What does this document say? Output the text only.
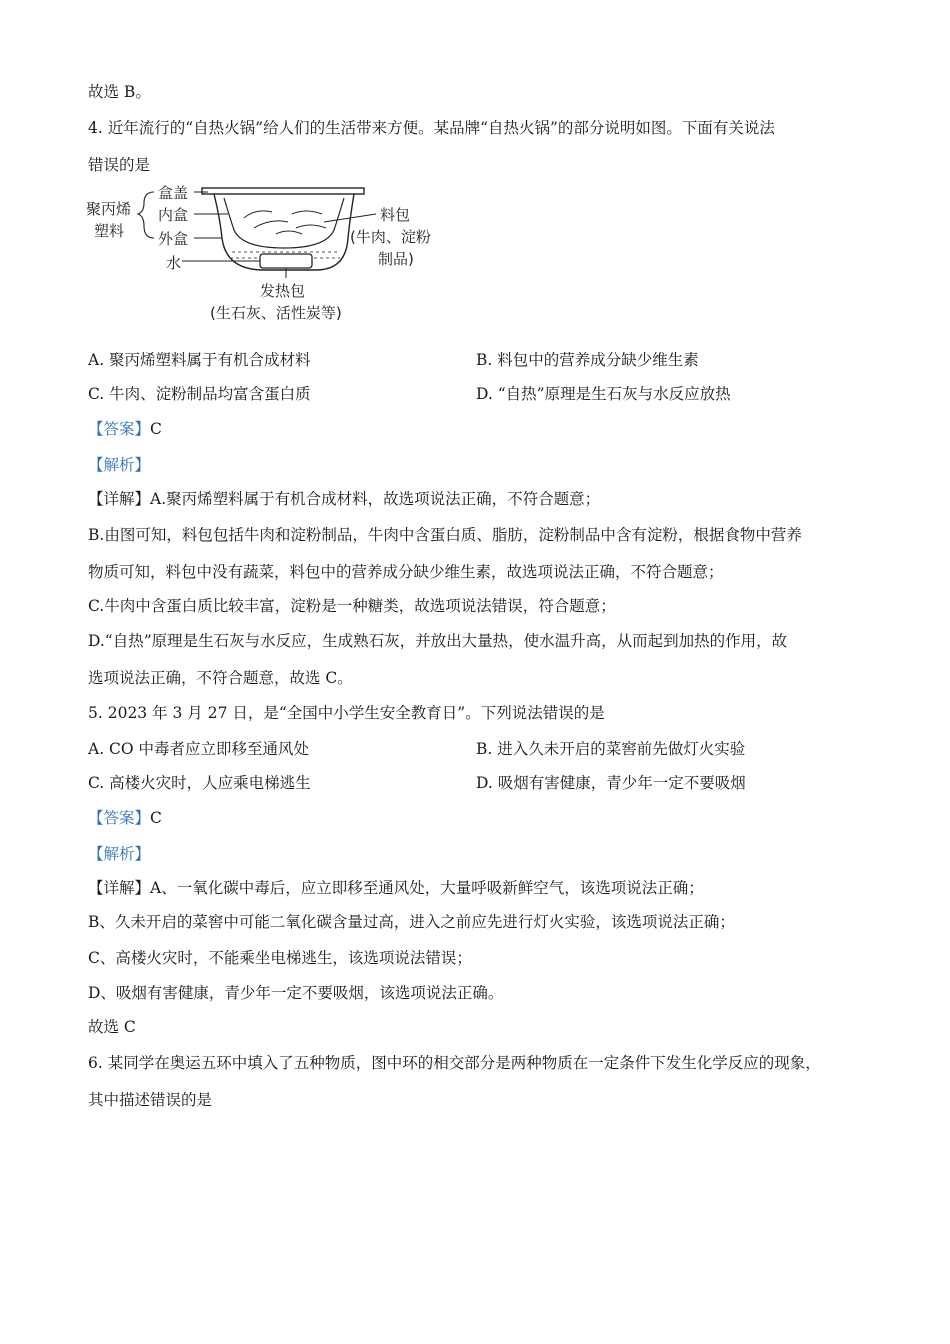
故选 B。
4. 近年流行的“自热火锅”给人们的生活带来方便。某品牌“自热火锅”的部分说明如图。下面有关说法
错误的是
盒盖
内盒
外盒
水
聚丙烯
塑料
料包
(牛肉、淀粉
制品)
发热包
(生石灰、活性炭等)
A. 聚丙烯塑料属于有机合成材料	B. 料包中的营养成分缺少维生素
C. 牛肉、淀粉制品均富含蛋白质	D. “自热”原理是生石灰与水反应放热
【答案】C
【解析】
【详解】A.聚丙烯塑料属于有机合成材料，故选项说法正确，不符合题意；
B.由图可知，料包包括牛肉和淀粉制品，牛肉中含蛋白质、脂肪，淀粉制品中含有淀粉，根据食物中营养
物质可知，料包中没有蔬菜，料包中的营养成分缺少维生素，故选项说法正确，不符合题意；
C.牛肉中含蛋白质比较丰富，淀粉是一种糖类，故选项说法错误，符合题意；
D.“自热”原理是生石灰与水反应，生成熟石灰，并放出大量热，使水温升高，从而起到加热的作用，故
选项说法正确，不符合题意，故选 C。
5. 2023 年 3 月 27 日，是“全国中小学生安全教育日”。下列说法错误的是
A. CO 中毒者应立即移至通风处	B. 进入久未开启的菜窖前先做灯火实验
C. 高楼火灾时，人应乘电梯逃生	D. 吸烟有害健康，青少年一定不要吸烟
【答案】C
【解析】
【详解】A、一氧化碳中毒后，应立即移至通风处，大量呼吸新鲜空气，该选项说法正确；
B、久未开启的菜窖中可能二氧化碳含量过高，进入之前应先进行灯火实验，该选项说法正确；
C、高楼火灾时，不能乘坐电梯逃生，该选项说法错误；
D、吸烟有害健康，青少年一定不要吸烟，该选项说法正确。
故选 C
6. 某同学在奥运五环中填入了五种物质，图中环的相交部分是两种物质在一定条件下发生化学反应的现象，
其中描述错误的是
